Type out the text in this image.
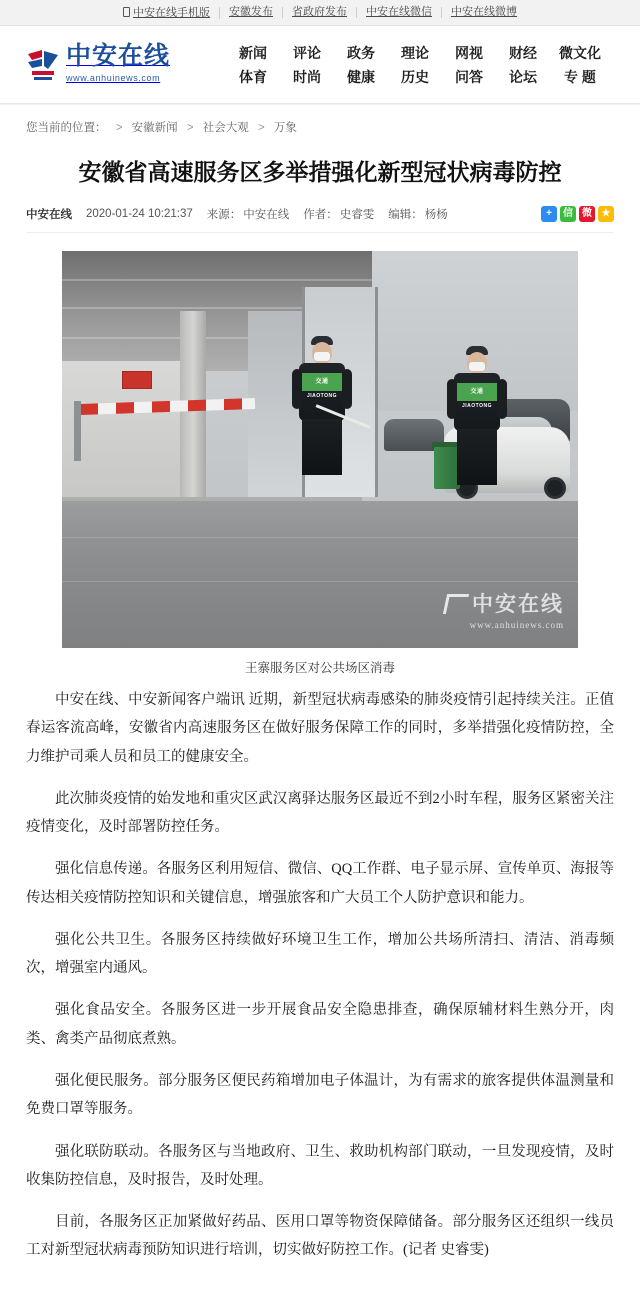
中安在线手机版	安徽发布	省政府发布	中安在线微信	中安在线微博
中安在线 www.anhuinews.com
新闻
体育
评论
时尚
政务
健康
理论
历史
网视
问答
财经
论坛
微文化
专 题
您当前的位置： > 安徽新闻 > 社会大观 > 万象
安徽省高速服务区多举措强化新型冠状病毒防控
中安在线 2020-01-24 10:21:37 来源： 中安在线 作者： 史睿雯 编辑： 杨杨	+	信 微 ★
交通
JIAOTONG
交通
JIAOTONG
中安在线
www.anhuinews.com
王寨服务区对公共场区消毒

中安在线、中安新闻客户端讯 近期，新型冠状病毒感染的肺炎疫情引起持续关注。正值春运客流高峰，安徽省内高速服务区在做好服务保障工作的同时，多举措强化疫情防控，全力维护司乘人员和员工的健康安全。

此次肺炎疫情的始发地和重灾区武汉离驿达服务区最近不到2小时车程，服务区紧密关注疫情变化，及时部署防控任务。

强化信息传递。各服务区利用短信、微信、QQ工作群、电子显示屏、宣传单页、海报等传达相关疫情防控知识和关键信息，增强旅客和广大员工个人防护意识和能力。

强化公共卫生。各服务区持续做好环境卫生工作，增加公共场所清扫、清洁、消毒频次，增强室内通风。

强化食品安全。各服务区进一步开展食品安全隐患排查，确保原辅材料生熟分开，肉类、禽类产品彻底煮熟。

强化便民服务。部分服务区便民药箱增加电子体温计，为有需求的旅客提供体温测量和免费口罩等服务。

强化联防联动。各服务区与当地政府、卫生、救助机构部门联动，一旦发现疫情，及时收集防控信息，及时报告，及时处理。

目前，各服务区正加紧做好药品、医用口罩等物资保障储备。部分服务区还组织一线员工对新型冠状病毒预防知识进行培训，切实做好防控工作。(记者 史睿雯)
